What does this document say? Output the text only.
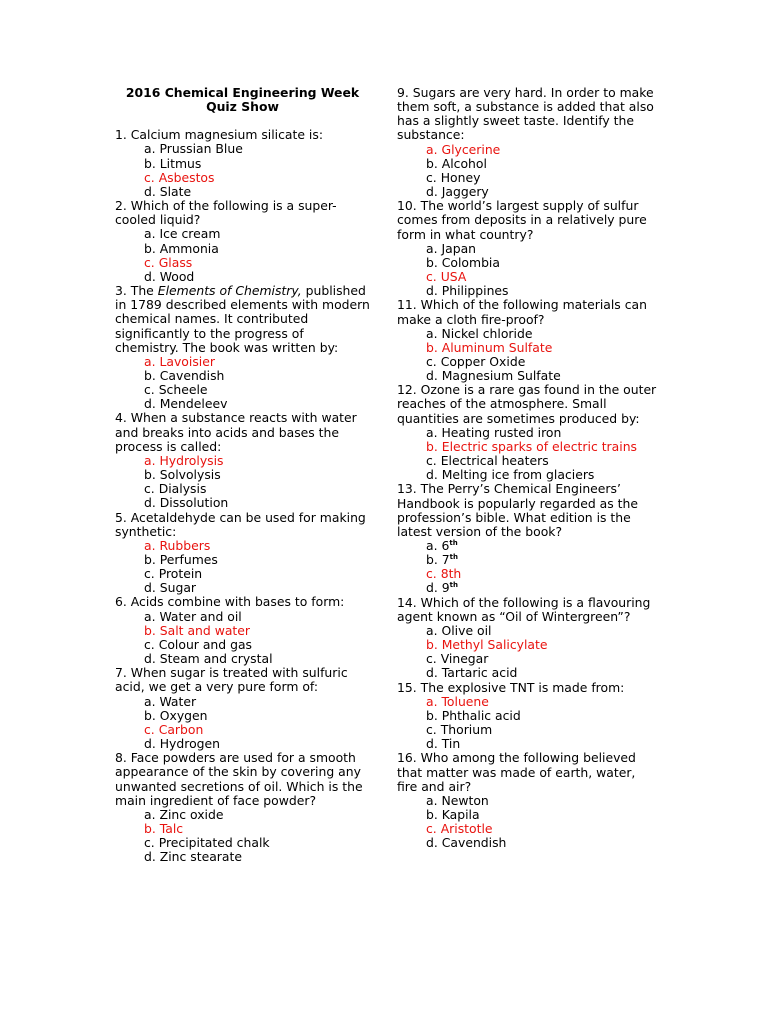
2016 Chemical Engineering Week
Quiz Show
1. Calcium magnesium silicate is:
a. Prussian Blue
b. Litmus
c. Asbestos
d. Slate
2. Which of the following is a super-cooled liquid?
a. Ice cream
b. Ammonia
c. Glass
d. Wood
3. The Elements of Chemistry, published in 1789 described elements with modern chemical names. It contributed significantly to the progress of chemistry. The book was written by:
a. Lavoisier
b. Cavendish
c. Scheele
d. Mendeleev
4. When a substance reacts with water and breaks into acids and bases the process is called:
a. Hydrolysis
b. Solvolysis
c. Dialysis
d. Dissolution
5. Acetaldehyde can be used for making synthetic:
a. Rubbers
b. Perfumes
c. Protein
d. Sugar
6. Acids combine with bases to form:
a. Water and oil
b. Salt and water
c. Colour and gas
d. Steam and crystal
7. When sugar is treated with sulfuric acid, we get a very pure form of:
a. Water
b. Oxygen
c. Carbon
d. Hydrogen
8. Face powders are used for a smooth appearance of the skin by covering any unwanted secretions of oil. Which is the main ingredient of face powder?
a. Zinc oxide
b. Talc
c. Precipitated chalk
d. Zinc stearate
9. Sugars are very hard. In order to make them soft, a substance is added that also has a slightly sweet taste. Identify the substance:
a. Glycerine
b. Alcohol
c. Honey
d. Jaggery
10. The world’s largest supply of sulfur comes from deposits in a relatively pure form in what country?
a. Japan
b. Colombia
c. USA
d. Philippines
11. Which of the following materials can make a cloth fire-proof?
a. Nickel chloride
b. Aluminum Sulfate
c. Copper Oxide
d. Magnesium Sulfate
12. Ozone is a rare gas found in the outer reaches of the atmosphere. Small quantities are sometimes produced by:
a. Heating rusted iron
b. Electric sparks of electric trains
c. Electrical heaters
d. Melting ice from glaciers
13. The Perry’s Chemical Engineers’ Handbook is popularly regarded as the profession’s bible. What edition is the latest version of the book?
a. 6th
b. 7th
c. 8th
d. 9th
14. Which of the following is a flavouring agent known as “Oil of Wintergreen”?
a. Olive oil
b. Methyl Salicylate
c. Vinegar
d. Tartaric acid
15. The explosive TNT is made from:
a. Toluene
b. Phthalic acid
c. Thorium
d. Tin
16. Who among the following believed that matter was made of earth, water, fire and air?
a. Newton
b. Kapila
c. Aristotle
d. Cavendish
